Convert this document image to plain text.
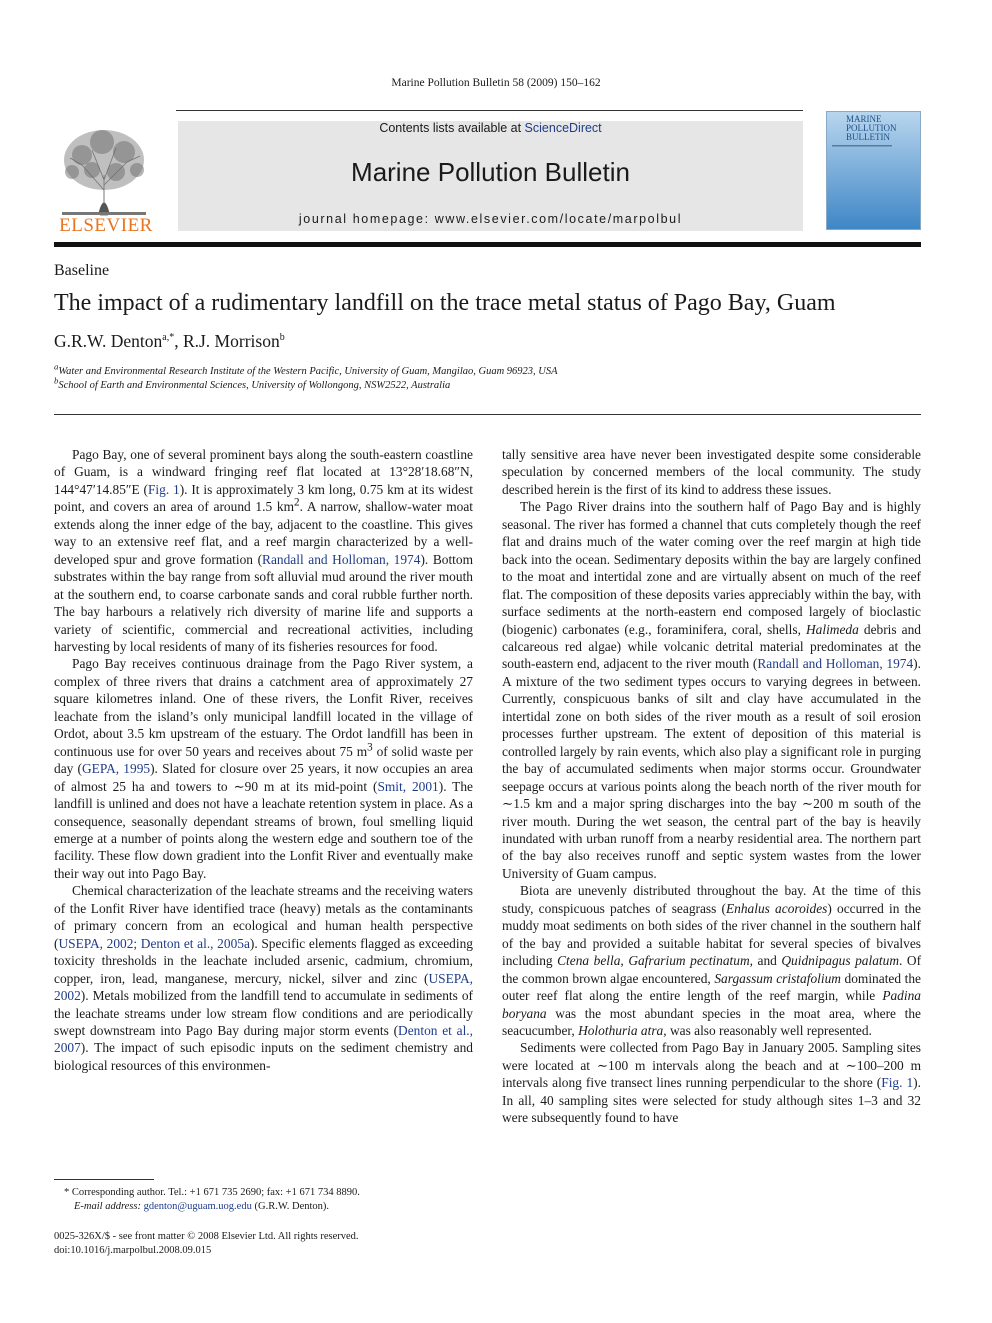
Marine Pollution Bulletin 58 (2009) 150–162
ELSEVIER
Contents lists available at ScienceDirect
Marine Pollution Bulletin
journal homepage: www.elsevier.com/locate/marpolbul
MARINE
POLLUTION
BULLETIN
Baseline
The impact of a rudimentary landfill on the trace metal status of Pago Bay, Guam
G.R.W. Denton$^{a,*}$, R.J. Morrison$^b$
$^a$Water and Environmental Research Institute of the Western Pacific, University of Guam, Mangilao, Guam 96923, USA
$^b$School of Earth and Environmental Sciences, University of Wollongong, NSW2522, Australia

Pago Bay, one of several prominent bays along the south-eastern coastline of Guam, is a windward fringing reef flat located at 13°28′18.68″N, 144°47′14.85″E (Fig. 1). It is approximately 3 km long, 0.75 km at its widest point, and covers an area of around 1.5 $km^2$. A narrow, shallow-water moat extends along the inner edge of the bay, adjacent to the coastline. This gives way to an extensive reef flat, and a reef margin characterized by a well-developed spur and grove formation (Randall and Holloman, 1974). Bottom substrates within the bay range from soft alluvial mud around the river mouth at the southern end, to coarse carbonate sands and coral rubble further north. The bay harbours a relatively rich diversity of marine life and supports a variety of scientific, commercial and recreational activities, including harvesting by local residents of many of its fisheries resources for food.

Pago Bay receives continuous drainage from the Pago River system, a complex of three rivers that drains a catchment area of approximately 27 square kilometres inland. One of these rivers, the Lonfit River, receives leachate from the island’s only municipal landfill located in the village of Ordot, about 3.5 km upstream of the estuary. The Ordot landfill has been in continuous use for over 50 years and receives about 75 $m^3$ of solid waste per day (GEPA, 1995). Slated for closure over 25 years, it now occupies an area of almost 25 ha and towers to ∼90 m at its mid-point (Smit, 2001). The landfill is unlined and does not have a leachate retention system in place. As a consequence, seasonally dependant streams of brown, foul smelling liquid emerge at a number of points along the western edge and southern toe of the facility. These flow down gradient into the Lonfit River and eventually make their way out into Pago Bay.

Chemical characterization of the leachate streams and the receiving waters of the Lonfit River have identified trace (heavy) metals as the contaminants of primary concern from an ecological and human health perspective (USEPA, 2002; Denton et al., 2005a). Specific elements flagged as exceeding toxicity thresholds in the leachate included arsenic, cadmium, chromium, copper, iron, lead, manganese, mercury, nickel, silver and zinc (USEPA, 2002). Metals mobilized from the landfill tend to accumulate in sediments of the leachate streams under low stream flow conditions and are periodically swept downstream into Pago Bay during major storm events (Denton et al., 2007). The impact of such episodic inputs on the sediment chemistry and biological resources of this environmen-

tally sensitive area have never been investigated despite some considerable speculation by concerned members of the local community. The study described herein is the first of its kind to address these issues.

The Pago River drains into the southern half of Pago Bay and is highly seasonal. The river has formed a channel that cuts completely though the reef flat and drains much of the water coming over the reef margin at high tide back into the ocean. Sedimentary deposits within the bay are largely confined to the moat and intertidal zone and are virtually absent on much of the reef flat. The composition of these deposits varies appreciably within the bay, with surface sediments at the north-eastern end composed largely of bioclastic (biogenic) carbonates (e.g., foraminifera, coral, shells, Halimeda debris and calcareous red algae) while volcanic detrital material predominates at the south-eastern end, adjacent to the river mouth (Randall and Holloman, 1974). A mixture of the two sediment types occurs to varying degrees in between. Currently, conspicuous banks of silt and clay have accumulated in the intertidal zone on both sides of the river mouth as a result of soil erosion processes further upstream. The extent of deposition of this material is controlled largely by rain events, which also play a significant role in purging the bay of accumulated sediments when major storms occur. Groundwater seepage occurs at various points along the beach north of the river mouth for ∼1.5 km and a major spring discharges into the bay ∼200 m south of the river mouth. During the wet season, the central part of the bay is heavily inundated with urban runoff from a nearby residential area. The northern part of the bay also receives runoff and septic system wastes from the lower University of Guam campus.

Biota are unevenly distributed throughout the bay. At the time of this study, conspicuous patches of seagrass (Enhalus acoroides) occurred in the muddy moat sediments on both sides of the river channel in the southern half of the bay and provided a suitable habitat for several species of bivalves including Ctena bella, Gafrarium pectinatum, and Quidnipagus palatum. Of the common brown algae encountered, Sargassum cristafolium dominated the outer reef flat along the entire length of the reef margin, while Padina boryana was the most abundant species in the moat area, where the seacucumber, Holothuria atra, was also reasonably well represented.

Sediments were collected from Pago Bay in January 2005. Sampling sites were located at ∼100 m intervals along the beach and at ∼100–200 m intervals along five transect lines running perpendicular to the shore (Fig. 1). In all, 40 sampling sites were selected for study although sites 1–3 and 32 were subsequently found to have

* Corresponding author. Tel.: +1 671 735 2690; fax: +1 671 734 8890.
E-mail address: gdenton@uguam.uog.edu (G.R.W. Denton).
0025-326X/$ - see front matter © 2008 Elsevier Ltd. All rights reserved.
doi:10.1016/j.marpolbul.2008.09.015
